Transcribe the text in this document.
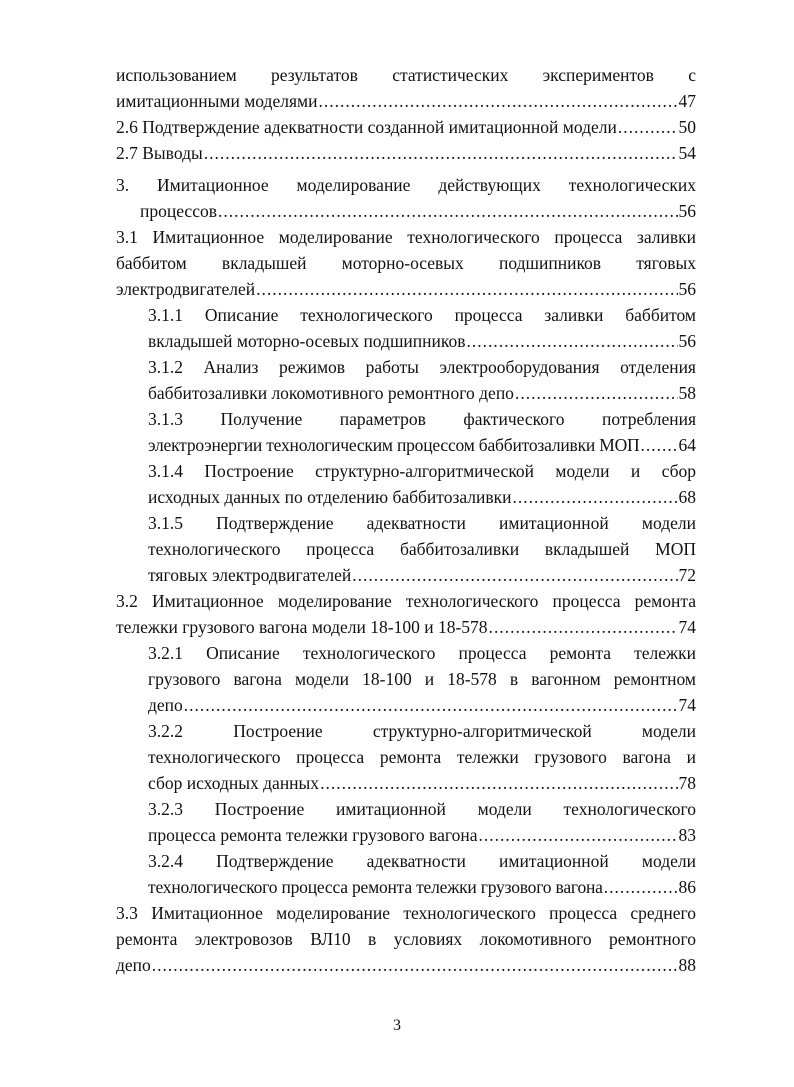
использованием результатов статистических экспериментов с
имитационными моделями .....	47
2.6 Подтверждение адекватности созданной имитационной модели .....	50
2.7 Выводы .....	54
3. Имитационное моделирование действующих технологических
процессов .....	56
3.1 Имитационное моделирование технологического процесса заливки
баббитом вкладышей моторно-осевых подшипников тяговых
электродвигателей .....	56
3.1.1 Описание технологического процесса заливки баббитом
вкладышей моторно-осевых подшипников .....	56
3.1.2 Анализ режимов работы электрооборудования отделения
баббитозаливки локомотивного ремонтного депо .....	58
3.1.3 Получение параметров фактического потребления
электроэнергии технологическим процессом баббитозаливки МОП ..... 64
3.1.4 Построение структурно-алгоритмической модели и сбор
исходных данных по отделению баббитозаливки .....	68
3.1.5 Подтверждение адекватности имитационной модели
технологического процесса баббитозаливки вкладышей МОП
тяговых электродвигателей .....	72
3.2 Имитационное моделирование технологического процесса ремонта
тележки грузового вагона модели 18-100 и 18-578 .....	74
3.2.1 Описание технологического процесса ремонта тележки
грузового вагона модели 18-100 и 18-578 в вагонном ремонтном
депо .....	74
3.2.2 Построение структурно-алгоритмической модели
технологического процесса ремонта тележки грузового вагона и
сбор исходных данных .....	78
3.2.3 Построение имитационной модели технологического
процесса ремонта тележки грузового вагона .....	83
3.2.4 Подтверждение адекватности имитационной модели
технологического процесса ремонта тележки грузового вагона .....	86
3.3 Имитационное моделирование технологического процесса среднего
ремонта электровозов ВЛ10 в условиях локомотивного ремонтного
депо .....	88
3
